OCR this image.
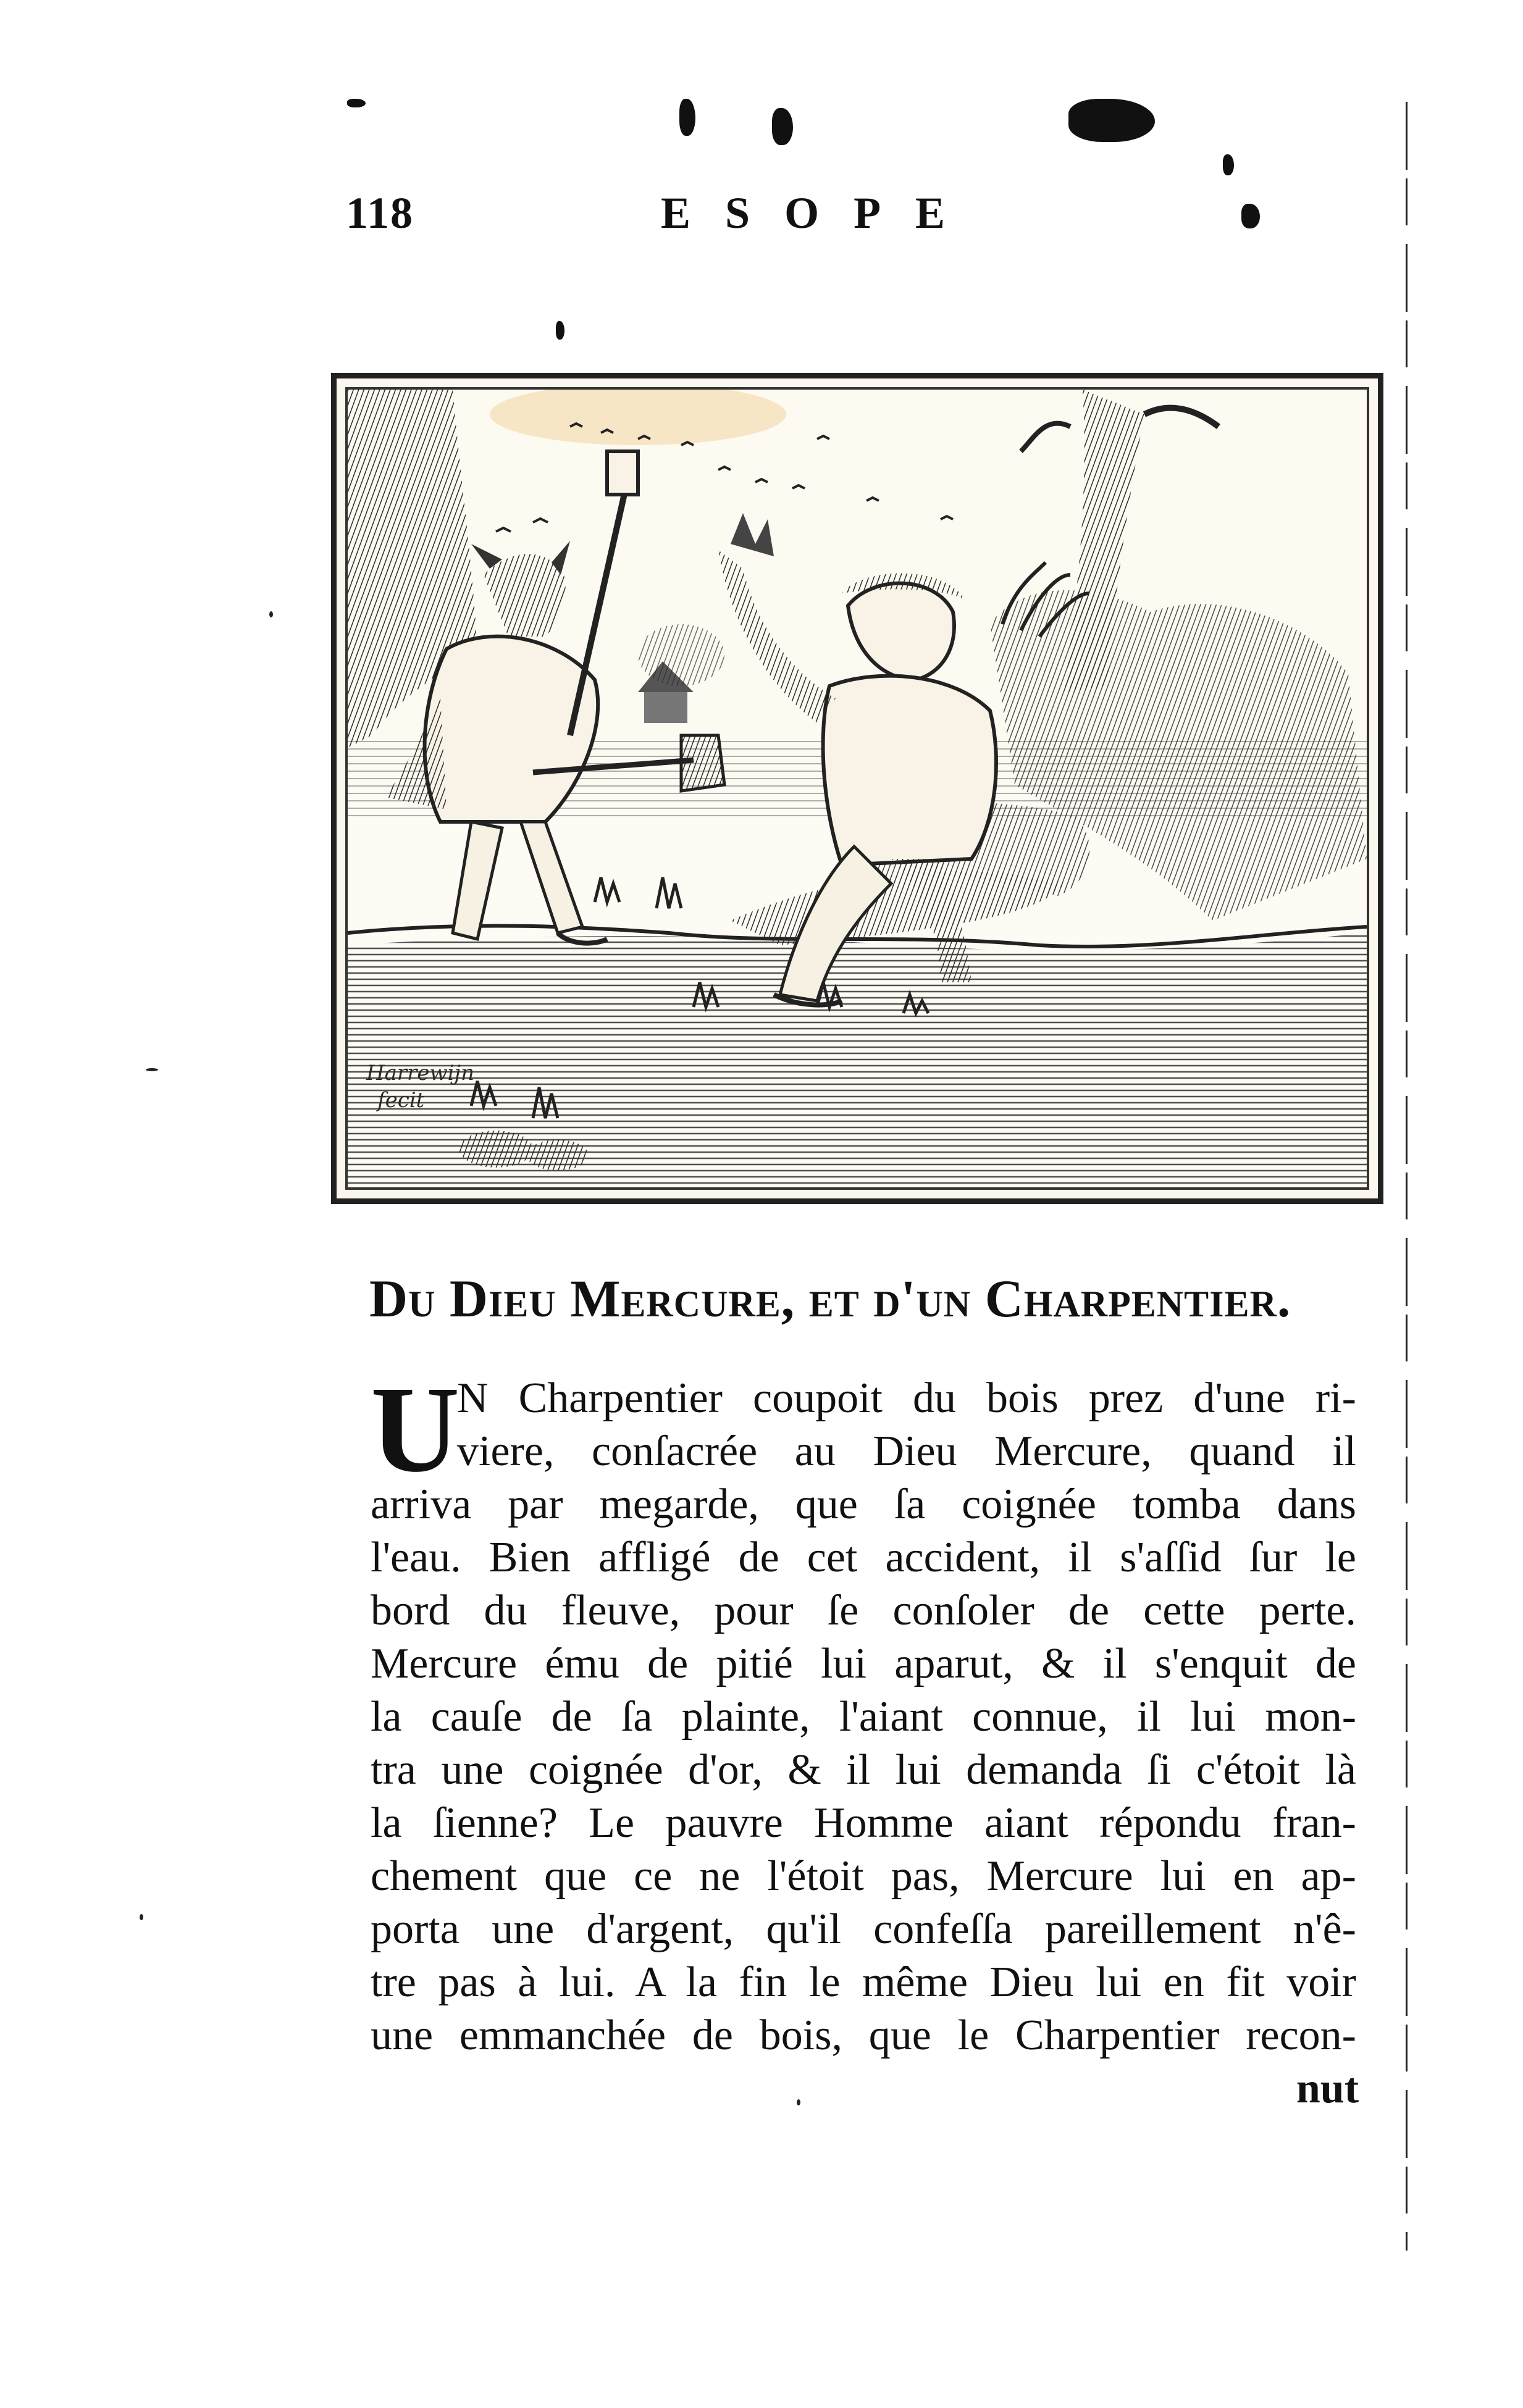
118	ESOPE
Harrewijn
fecit
Du Dieu Mercure, et d'un Charpentier.
U
N Charpentier coupoit du bois prez d'une ri-
viere, conſacrée au Dieu Mercure, quand il
arriva par megarde, que ſa coignée tomba dans
l'eau. Bien affligé de cet accident, il s'aſſid ſur le
bord du fleuve, pour ſe conſoler de cette perte.
Mercure ému de pitié lui aparut, & il s'enquit de
la cauſe de ſa plainte, l'aiant connue, il lui mon-
tra une coignée d'or, & il lui demanda ſi c'étoit là
la ſienne? Le pauvre Homme aiant répondu fran-
chement que ce ne l'étoit pas, Mercure lui en ap-
porta une d'argent, qu'il confeſſa pareillement n'ê-
tre pas à lui. A la fin le même Dieu lui en fit voir
une emmanchée de bois, que le Charpentier recon-
nut
